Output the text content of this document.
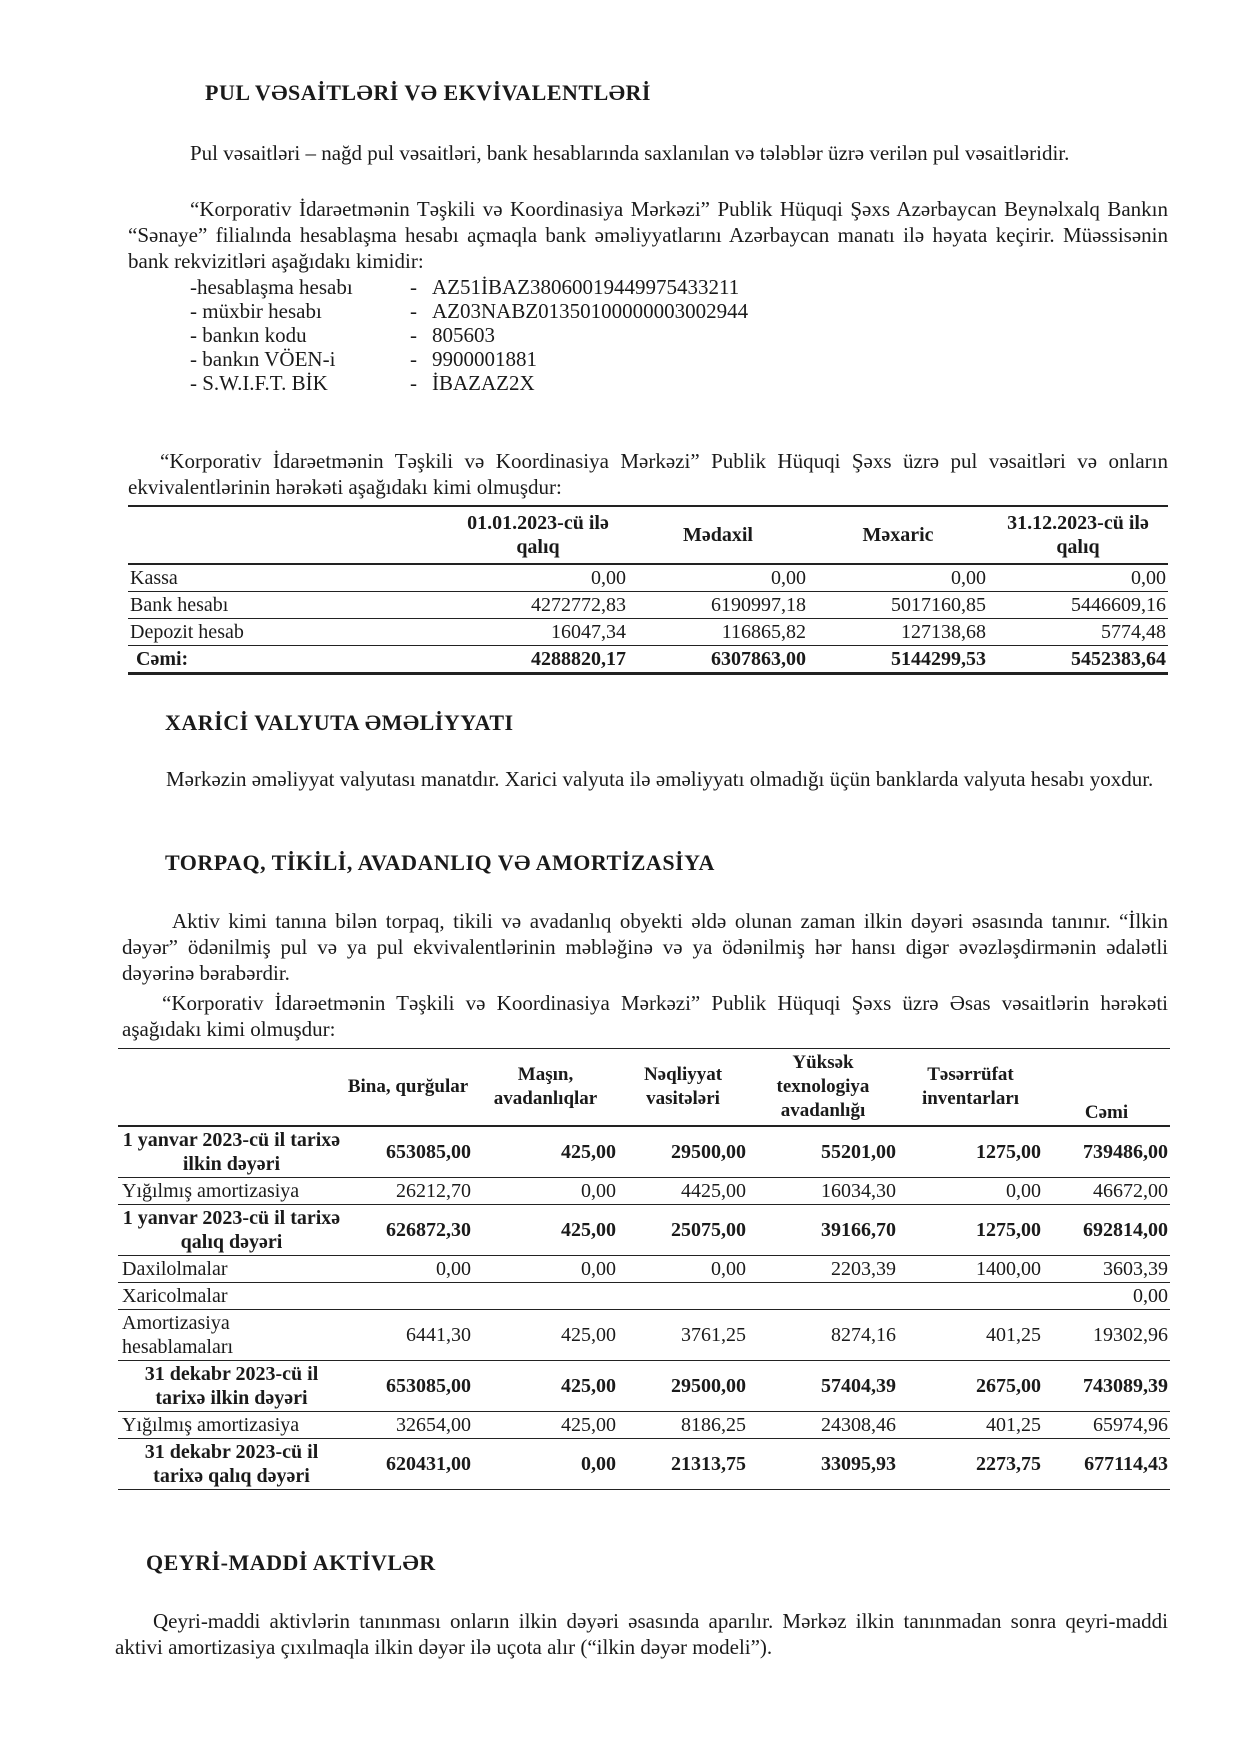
PUL VƏSAİTLƏRİ VƏ EKVİVALENTLƏRİ
Pul vəsaitləri – nağd pul vəsaitləri, bank hesablarında saxlanılan və tələblər üzrə verilən pul vəsaitləridir.
“Korporativ İdarəetmənin Təşkili və Koordinasiya Mərkəzi” Publik Hüquqi Şəxs Azərbaycan Beynəlxalq Bankın “Sənaye” filialında hesablaşma hesabı açmaqla bank əməliyyatlarını Azərbaycan manatı ilə həyata keçirir. Müəssisənin bank rekvizitləri aşağıdakı kimidir:
-hesablaşma hesabı	- AZ51İBAZ38060019449975433211
- müxbir hesabı	- AZ03NABZ01350100000003002944
- bankın kodu	- 805603
- bankın VÖEN-i	- 9900001881
- S.W.I.F.T. BİK	- İBAZAZ2X
“Korporativ İdarəetmənin Təşkili və Koordinasiya Mərkəzi” Publik Hüquqi Şəxs üzrə pul vəsaitləri və onların ekvivalentlərinin hərəkəti aşağıdakı kimi olmuşdur:
	01.01.2023-cü ilə qalıq	Mədaxil	Məxaric	31.12.2023-cü ilə qalıq
Kassa	0,00	0,00	0,00	0,00
Bank hesabı	4272772,83	6190997,18	5017160,85	5446609,16
Depozit hesab	16047,34	116865,82	127138,68	5774,48
Cəmi:	4288820,17	6307863,00	5144299,53	5452383,64
XARİCİ VALYUTA ƏMƏLİYYATI
Mərkəzin əməliyyat valyutası manatdır. Xarici valyuta ilə əməliyyatı olmadığı üçün banklarda valyuta hesabı yoxdur.
TORPAQ, TİKİLİ, AVADANLIQ VƏ AMORTİZASİYA
Aktiv kimi tanına bilən torpaq, tikili və avadanlıq obyekti əldə olunan zaman ilkin dəyəri əsasında tanınır. “İlkin dəyər” ödənilmiş pul və ya pul ekvivalentlərinin məbləğinə və ya ödənilmiş hər hansı digər əvəzləşdirmənin ədalətli dəyərinə bərabərdir.
“Korporativ İdarəetmənin Təşkili və Koordinasiya Mərkəzi” Publik Hüquqi Şəxs üzrə Əsas vəsaitlərin hərəkəti aşağıdakı kimi olmuşdur:
	Bina, qurğular	Maşın, avadanlıqlar	Nəqliyyat vasitələri	Yüksək texnologiya avadanlığı	Təsərrüfat inventarları	Cəmi
1 yanvar 2023-cü il tarixə ilkin dəyəri	653085,00	425,00	29500,00	55201,00	1275,00	739486,00
Yığılmış amortizasiya	26212,70	0,00	4425,00	16034,30	0,00	46672,00
1 yanvar 2023-cü il tarixə qalıq dəyəri	626872,30	425,00	25075,00	39166,70	1275,00	692814,00
Daxilolmalar	0,00	0,00	0,00	2203,39	1400,00	3603,39
Xaricolmalar						0,00
Amortizasiya hesablamaları	6441,30	425,00	3761,25	8274,16	401,25	19302,96
31 dekabr 2023-cü il tarixə ilkin dəyəri	653085,00	425,00	29500,00	57404,39	2675,00	743089,39
Yığılmış amortizasiya	32654,00	425,00	8186,25	24308,46	401,25	65974,96
31 dekabr 2023-cü il tarixə qalıq dəyəri	620431,00	0,00	21313,75	33095,93	2273,75	677114,43
QEYRİ-MADDİ AKTİVLƏR
Qeyri-maddi aktivlərin tanınması onların ilkin dəyəri əsasında aparılır. Mərkəz ilkin tanınmadan sonra qeyri-maddi aktivi amortizasiya çıxılmaqla ilkin dəyər ilə uçota alır (“ilkin dəyər modeli”).
